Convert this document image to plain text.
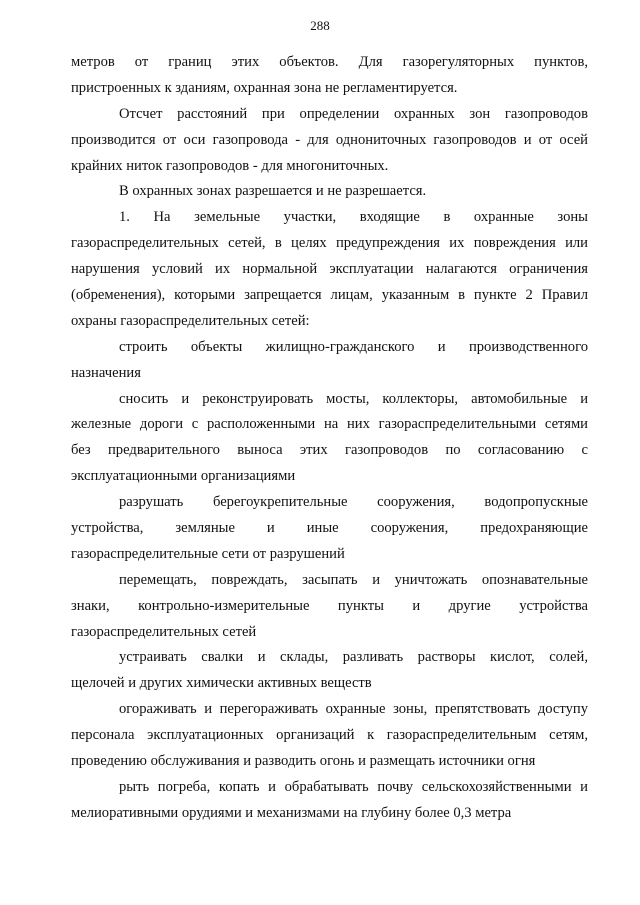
288
метров от границ этих объектов. Для газорегуляторных пунктов,
пристроенных к зданиям, охранная зона не регламентируется.
Отсчет расстояний при определении охранных зон газопроводов
производится от оси газопровода - для однониточных газопроводов и от осей
крайних ниток газопроводов - для многониточных.
В охранных зонах разрешается и не разрешается.
1. На земельные участки, входящие в охранные зоны
газораспределительных сетей, в целях предупреждения их повреждения или
нарушения условий их нормальной эксплуатации налагаются ограничения
(обременения), которыми запрещается лицам, указанным в пункте 2 Правил
охраны газораспределительных сетей:
строить объекты жилищно-гражданского и производственного
назначения
сносить и реконструировать мосты, коллекторы, автомобильные и
железные дороги с расположенными на них газораспределительными сетями
без предварительного выноса этих газопроводов по согласованию с
эксплуатационными организациями
разрушать берегоукрепительные сооружения, водопропускные
устройства, земляные и иные сооружения, предохраняющие
газораспределительные сети от разрушений
перемещать, повреждать, засыпать и уничтожать опознавательные
знаки, контрольно-измерительные пункты и другие устройства
газораспределительных сетей
устраивать свалки и склады, разливать растворы кислот, солей,
щелочей и других химически активных веществ
огораживать и перегораживать охранные зоны, препятствовать доступу
персонала эксплуатационных организаций к газораспределительным сетям,
проведению обслуживания и разводить огонь и размещать источники огня
рыть погреба, копать и обрабатывать почву сельскохозяйственными и
мелиоративными орудиями и механизмами на глубину более 0,3 метра
